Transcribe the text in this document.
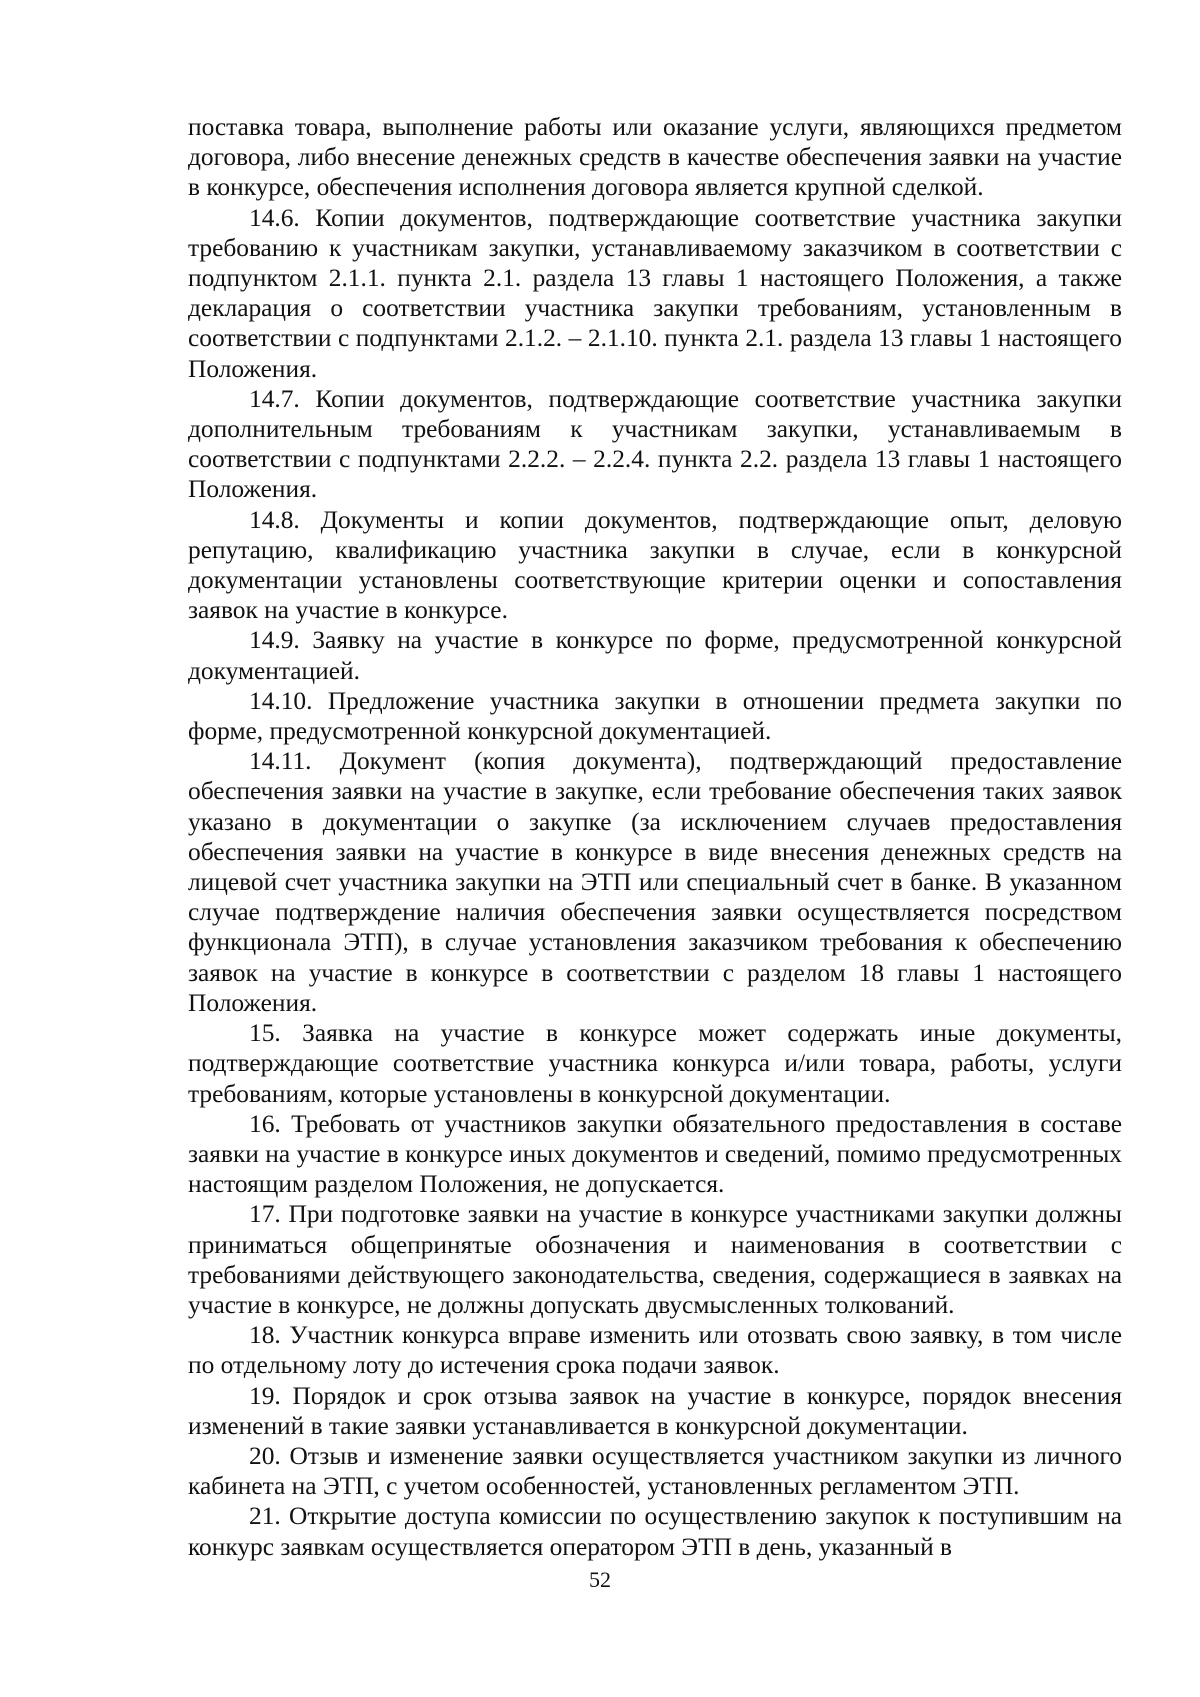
поставка товара, выполнение работы или оказание услуги, являющихся предметом договора, либо внесение денежных средств в качестве обеспечения заявки на участие в конкурсе, обеспечения исполнения договора является крупной сделкой.

14.6. Копии документов, подтверждающие соответствие участника закупки требованию к участникам закупки, устанавливаемому заказчиком в соответствии с подпунктом 2.1.1. пункта 2.1. раздела 13 главы 1 настоящего Положения, а также декларация о соответствии участника закупки требованиям, установленным в соответствии с подпунктами 2.1.2. – 2.1.10. пункта 2.1. раздела 13 главы 1 настоящего Положения.

14.7. Копии документов, подтверждающие соответствие участника закупки дополнительным требованиям к участникам закупки, устанавливаемым в соответствии с подпунктами 2.2.2. – 2.2.4. пункта 2.2. раздела 13 главы 1 настоящего Положения.

14.8. Документы и копии документов, подтверждающие опыт, деловую репутацию, квалификацию участника закупки в случае, если в конкурсной документации установлены соответствующие критерии оценки и сопоставления заявок на участие в конкурсе.

14.9. Заявку на участие в конкурсе по форме, предусмотренной конкурсной документацией.

14.10. Предложение участника закупки в отношении предмета закупки по форме, предусмотренной конкурсной документацией.

14.11. Документ (копия документа), подтверждающий предоставление обеспечения заявки на участие в закупке, если требование обеспечения таких заявок указано в документации о закупке (за исключением случаев предоставления обеспечения заявки на участие в конкурсе в виде внесения денежных средств на лицевой счет участника закупки на ЭТП или специальный счет в банке. В указанном случае подтверждение наличия обеспечения заявки осуществляется посредством функционала ЭТП), в случае установления заказчиком требования к обеспечению заявок на участие в конкурсе в соответствии с разделом 18 главы 1 настоящего Положения.

15. Заявка на участие в конкурсе может содержать иные документы, подтверждающие соответствие участника конкурса и/или товара, работы, услуги требованиям, которые установлены в конкурсной документации.

16. Требовать от участников закупки обязательного предоставления в составе заявки на участие в конкурсе иных документов и сведений, помимо предусмотренных настоящим разделом Положения, не допускается.

17. При подготовке заявки на участие в конкурсе участниками закупки должны приниматься общепринятые обозначения и наименования в соответствии с требованиями действующего законодательства, сведения, содержащиеся в заявках на участие в конкурсе, не должны допускать двусмысленных толкований.

18. Участник конкурса вправе изменить или отозвать свою заявку, в том числе по отдельному лоту до истечения срока подачи заявок.

19. Порядок и срок отзыва заявок на участие в конкурсе, порядок внесения изменений в такие заявки устанавливается в конкурсной документации.

20. Отзыв и изменение заявки осуществляется участником закупки из личного кабинета на ЭТП, с учетом особенностей, установленных регламентом ЭТП.

21. Открытие доступа комиссии по осуществлению закупок к поступившим на конкурс заявкам осуществляется оператором ЭТП в день, указанный в

52
